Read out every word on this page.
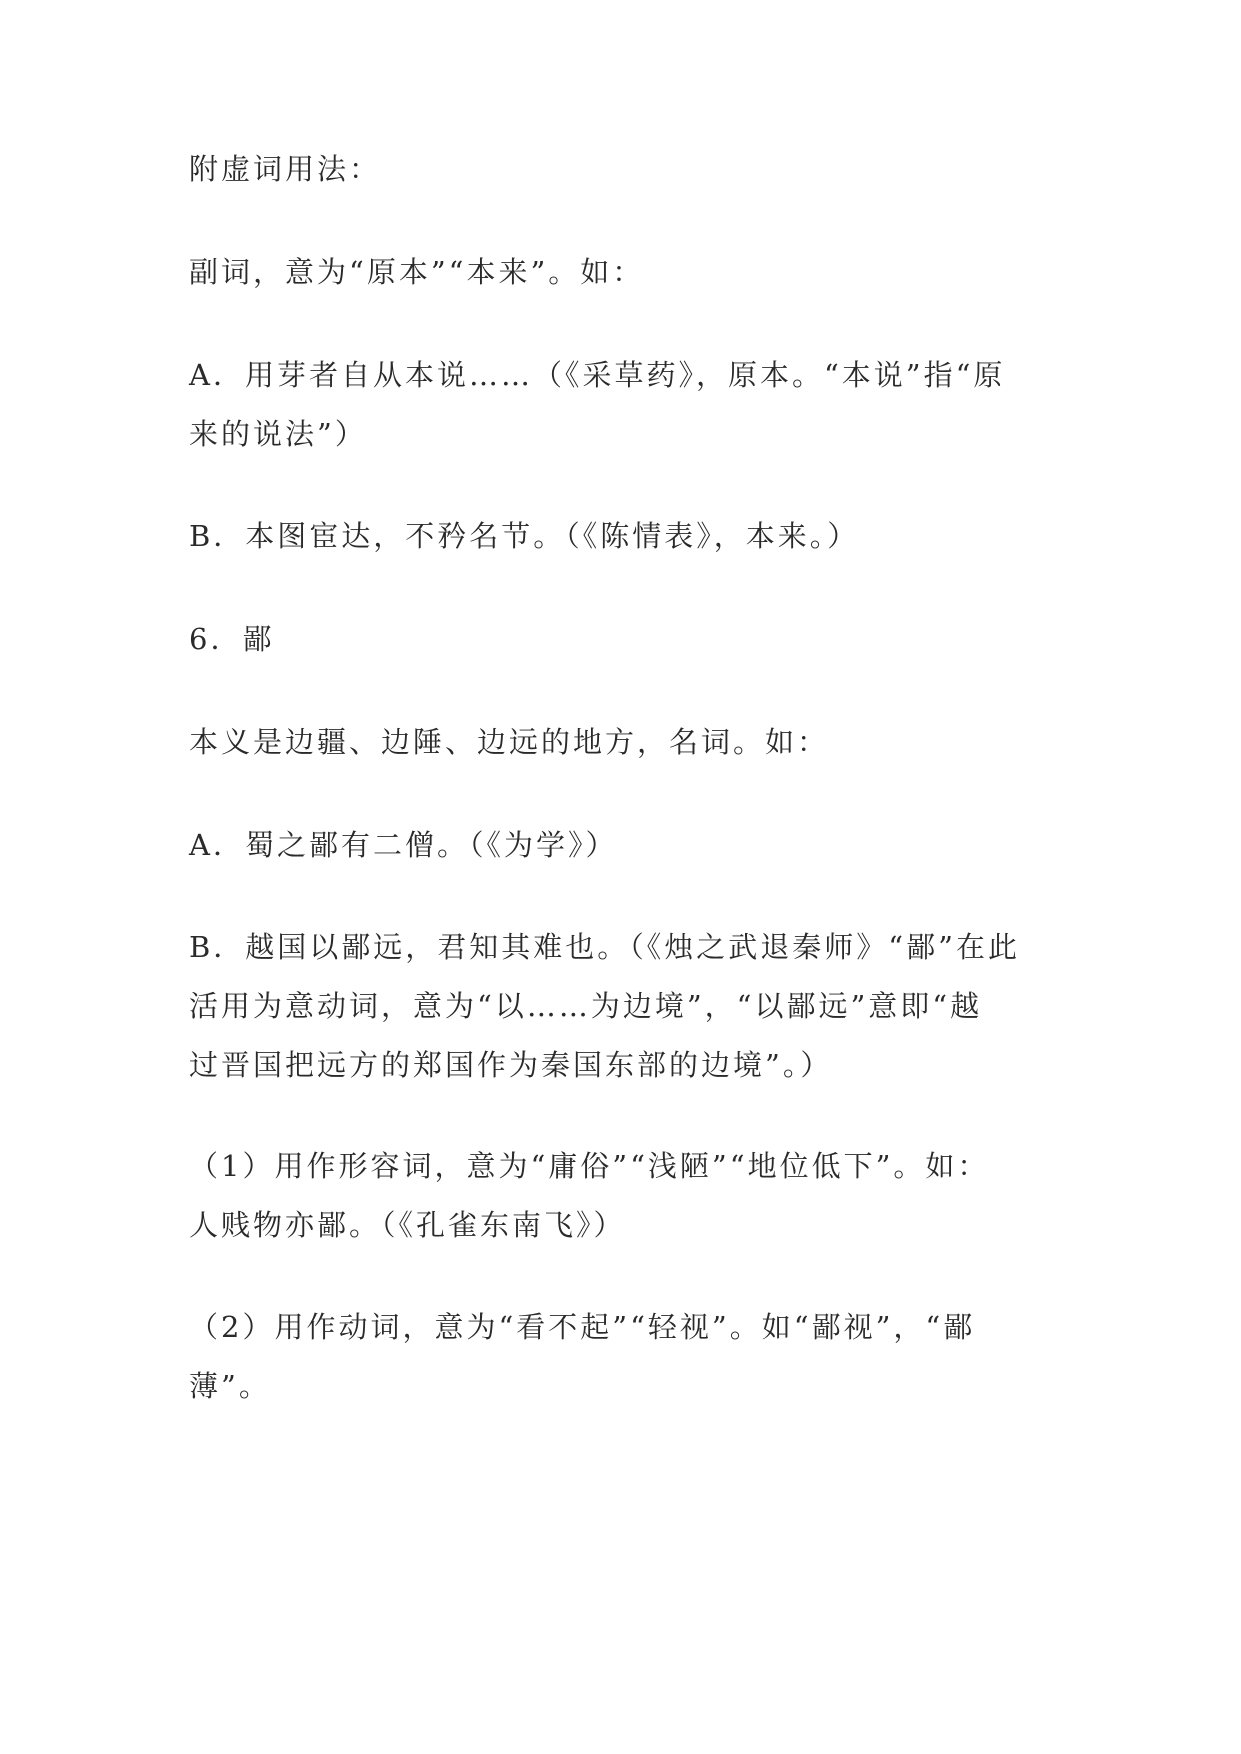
附虚词用法：

副词，意为“原本”“本来”。如：

A．用芽者自从本说……（《采草药》，原本。“本说”指“原
来的说法”）

B．本图宦达，不矜名节。（《陈情表》，本来。）

6．鄙

本义是边疆、边陲、边远的地方，名词。如：

A．蜀之鄙有二僧。（《为学》）

B．越国以鄙远，君知其难也。（《烛之武退秦师》“鄙”在此
活用为意动词，意为“以……为边境”，“以鄙远”意即“越
过晋国把远方的郑国作为秦国东部的边境”。）

（1）用作形容词，意为“庸俗”“浅陋”“地位低下”。如：
人贱物亦鄙。（《孔雀东南飞》）

（2）用作动词，意为“看不起”“轻视”。如“鄙视”，“鄙
薄”。
